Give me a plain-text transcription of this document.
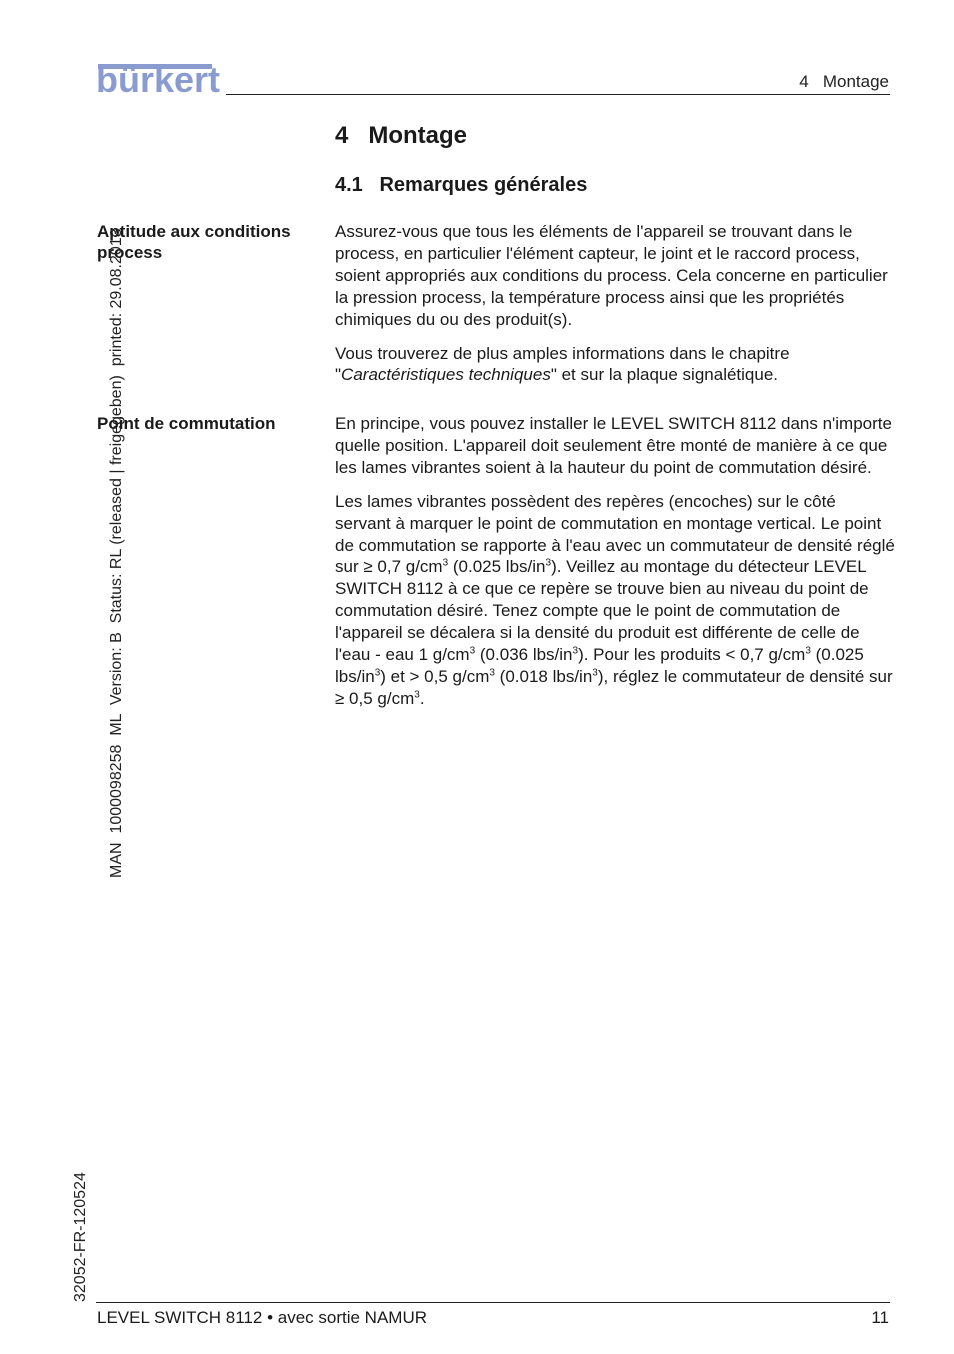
bürkert	4   Montage
4   Montage
4.1   Remarques générales
Aptitude aux conditions process

Assurez-vous que tous les éléments de l'appareil se trouvant dans le process, en particulier l'élément capteur, le joint et le raccord process, soient appropriés aux conditions du process. Cela concerne en particulier la pression process, la température process ainsi que les propriétés chimiques du ou des produit(s).

Vous trouverez de plus amples informations dans le chapitre "Caractéristiques techniques" et sur la plaque signalétique.

Point de commutation	En principe, vous pouvez installer le LEVEL SWITCH 8112 dans n'importe quelle position. L'appareil doit seulement être monté de manière à ce que les lames vibrantes soient à la hauteur du point de commutation désiré.

Les lames vibrantes possèdent des repères (encoches) sur le côté servant à marquer le point de commutation en montage vertical. Le point de commutation se rapporte à l'eau avec un commutateur de densité réglé sur ≥ 0,7 $g/cm^3$ (0.025 lbs/$in^3$). Veillez au montage du détecteur LEVEL SWITCH 8112 à ce que ce repère se trouve bien au niveau du point de commutation désiré. Tenez compte que le point de commutation de l'appareil se décalera si la densité du produit est différente de celle de l'eau - eau 1 $g/cm^3$ (0.036 lbs/$in^3$). Pour les produits < 0,7 $g/cm^3$ (0.025 lbs/$in^3$) et > 0,5 $g/cm^3$ (0.018 lbs/$in^3$), réglez le commutateur de densité sur ≥ 0,5 $g/cm^3$.

MAN  1000098258  ML  Version: B  Status: RL (released | freigegeben)  printed: 29.08.2013
32052-FR-120524
LEVEL SWITCH 8112 • avec sortie NAMUR	11
